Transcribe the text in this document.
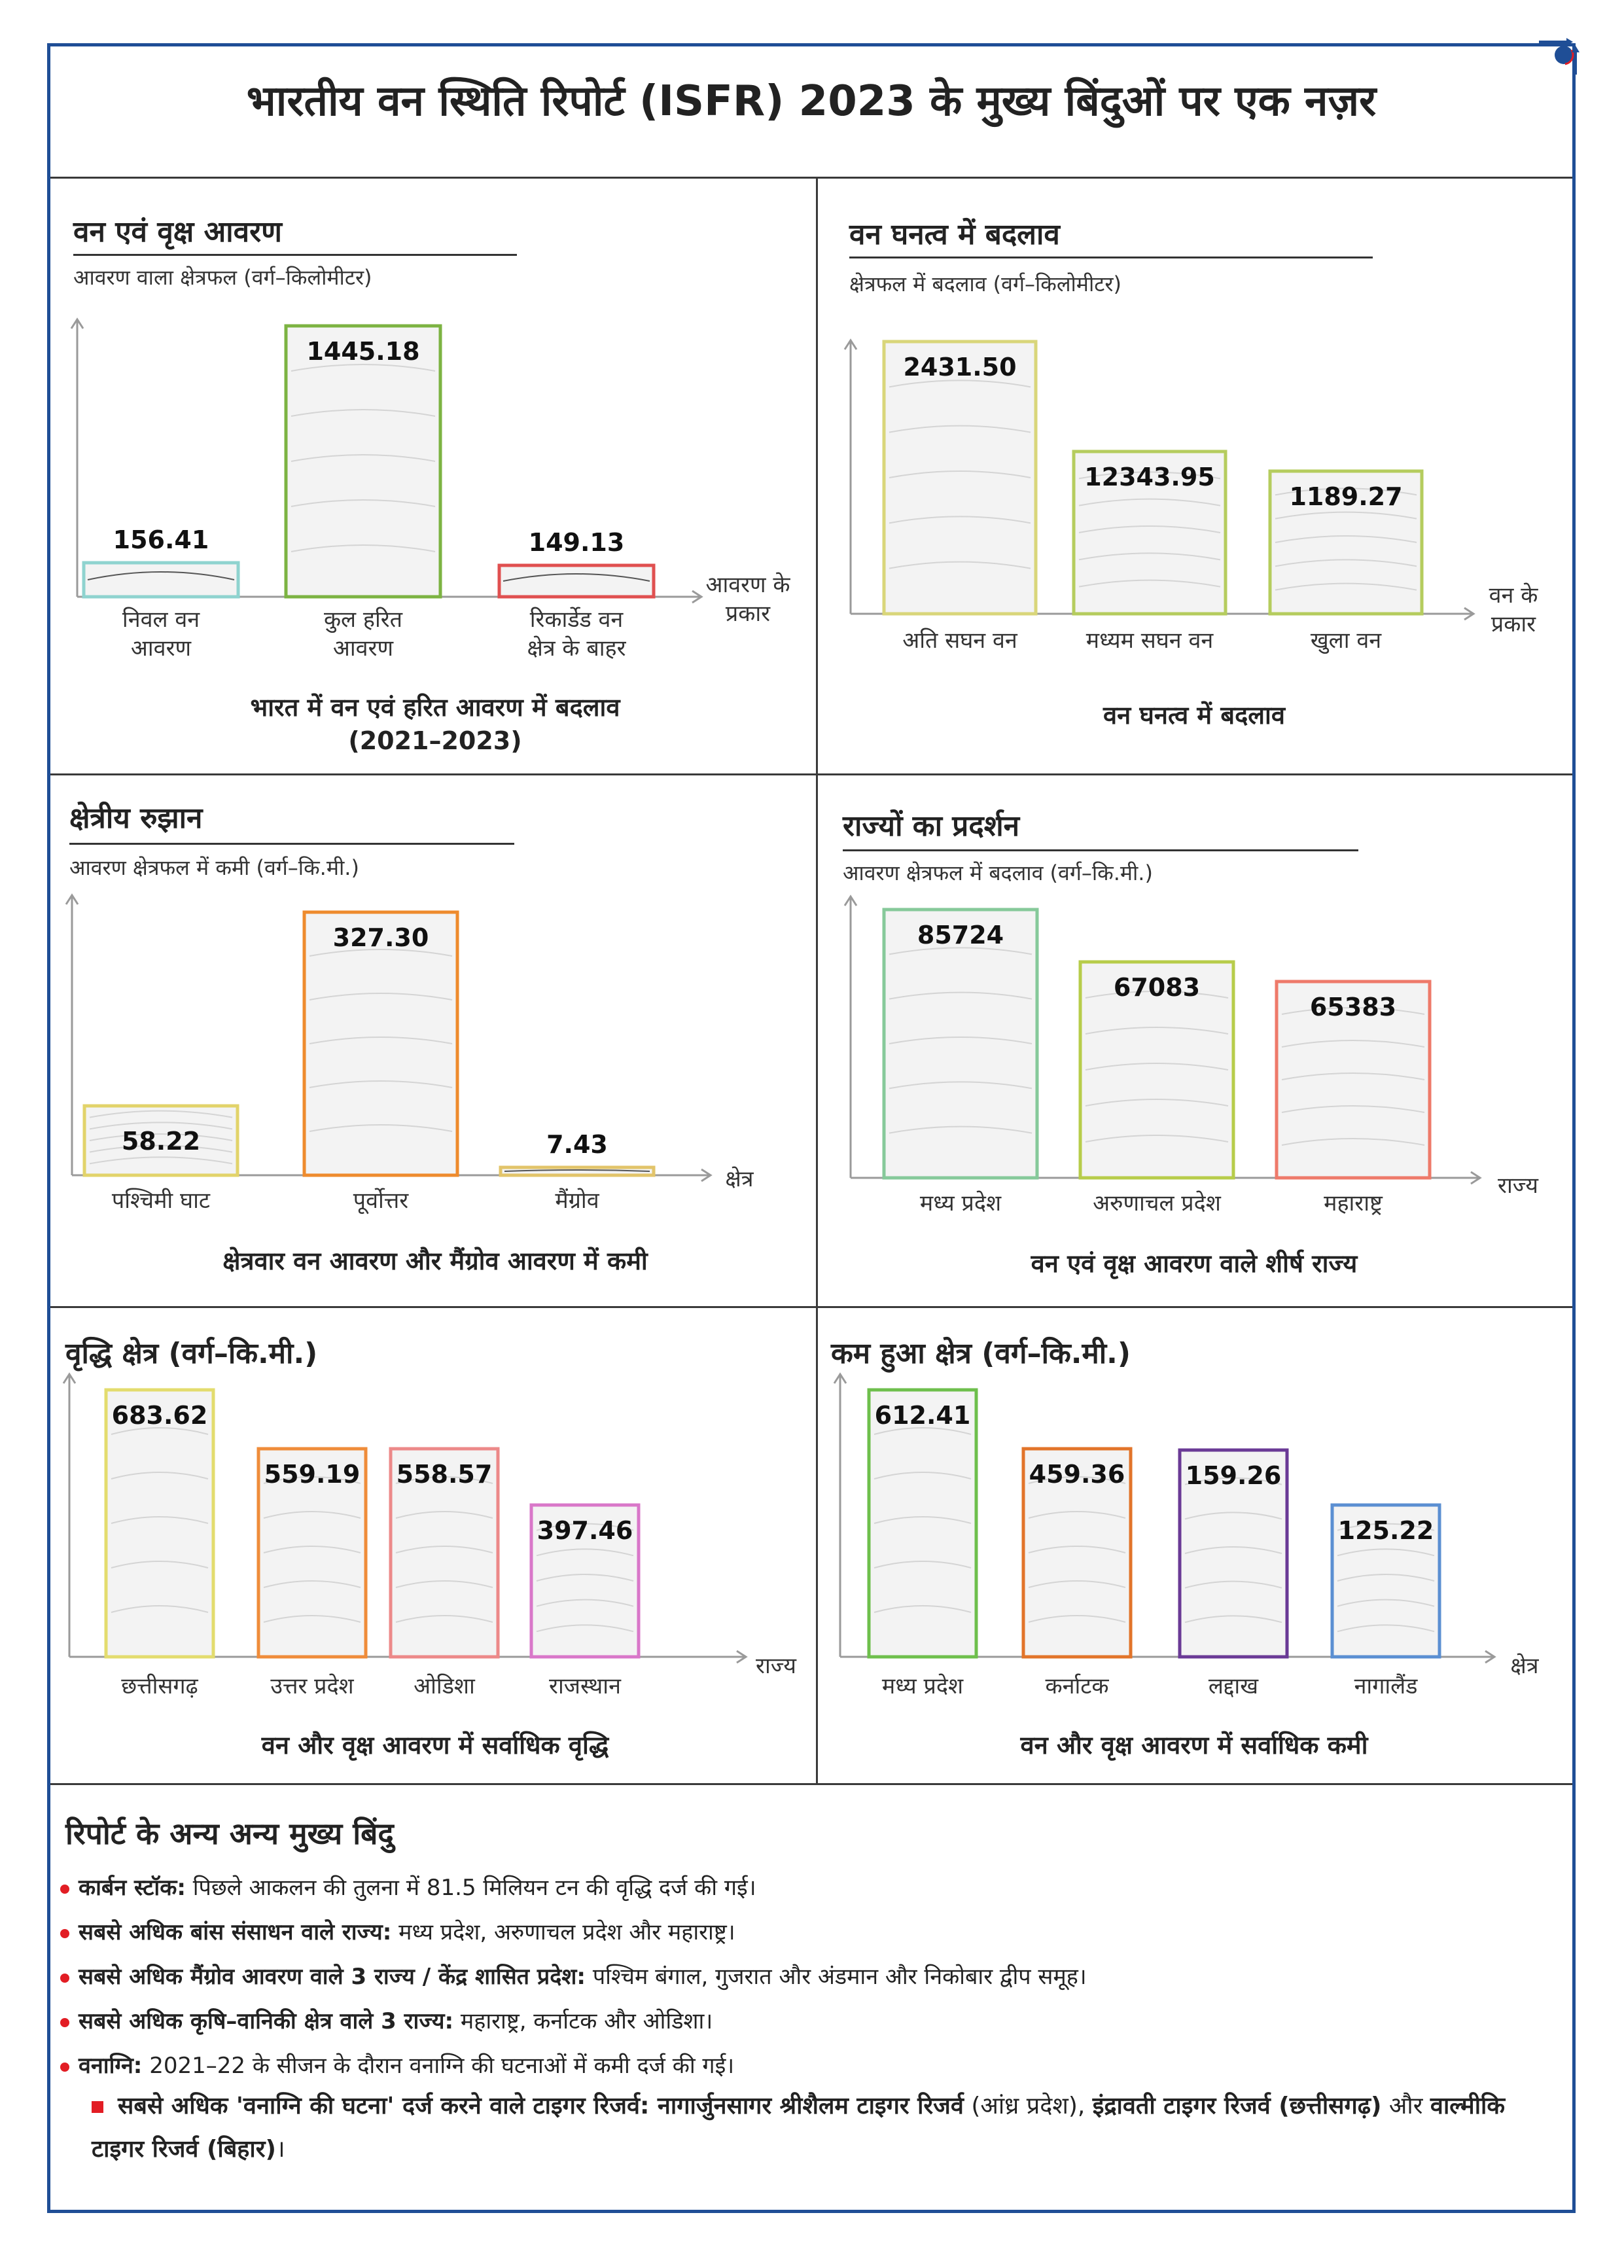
भारतीय वन स्थिति रिपोर्ट (ISFR) 2023 के मुख्य बिंदुओं पर एक नज़र
वन एवं वृक्ष आवरण
आवरण वाला क्षेत्रफल (वर्ग–किलोमीटर)
156.41
निवल वन आवरण
1445.18
कुल हरित आवरण
149.13
रिकार्डेड वन क्षेत्र के बाहर
आवरण के प्रकार
भारत में वन एवं हरित आवरण में बदलाव
(2021–2023)
वन घनत्व में बदलाव
क्षेत्रफल में बदलाव (वर्ग–किलोमीटर)
2431.50
अति सघन वन
12343.95
मध्यम सघन वन
1189.27
खुला वन
वन के प्रकार
वन घनत्व में बदलाव
क्षेत्रीय रुझान
आवरण क्षेत्रफल में कमी (वर्ग–कि.मी.)
58.22
पश्चिमी घाट
327.30
पूर्वोत्तर
7.43
मैंग्रोव
क्षेत्र
क्षेत्रवार वन आवरण और मैंग्रोव आवरण में कमी
राज्यों का प्रदर्शन
आवरण क्षेत्रफल में बदलाव (वर्ग–कि.मी.)
85724
मध्य प्रदेश
67083
अरुणाचल प्रदेश
65383
महाराष्ट्र
राज्य
वन एवं वृक्ष आवरण वाले शीर्ष राज्य
वृद्धि क्षेत्र (वर्ग–कि.मी.)
683.62
छत्तीसगढ़
559.19
उत्तर प्रदेश
558.57
ओडिशा
397.46
राजस्थान
राज्य
वन और वृक्ष आवरण में सर्वाधिक वृद्धि
कम हुआ क्षेत्र (वर्ग–कि.मी.)
612.41
मध्य प्रदेश
459.36
कर्नाटक
159.26
लद्दाख
125.22
नागालैंड
क्षेत्र
वन और वृक्ष आवरण में सर्वाधिक कमी
रिपोर्ट के अन्य अन्य मुख्य बिंदु
कार्बन स्टॉक: पिछले आकलन की तुलना में 81.5 मिलियन टन की वृद्धि दर्ज की गई।
सबसे अधिक बांस संसाधन वाले राज्य: मध्य प्रदेश, अरुणाचल प्रदेश और महाराष्ट्र।
सबसे अधिक मैंग्रोव आवरण वाले 3 राज्य / केंद्र शासित प्रदेश: पश्चिम बंगाल, गुजरात और अंडमान और निकोबार द्वीप समूह।
सबसे अधिक कृषि–वानिकी क्षेत्र वाले 3 राज्य: महाराष्ट्र, कर्नाटक और ओडिशा।
वनाग्नि: 2021–22 के सीजन के दौरान वनाग्नि की घटनाओं में कमी दर्ज की गई।
सबसे अधिक 'वनाग्नि की घटना' दर्ज करने वाले टाइगर रिजर्व: नागार्जुनसागर श्रीशैलम टाइगर रिजर्व (आंध्र प्रदेश), इंद्रावती टाइगर रिजर्व (छत्तीसगढ़) और वाल्मीकि टाइगर रिजर्व (बिहार)।
